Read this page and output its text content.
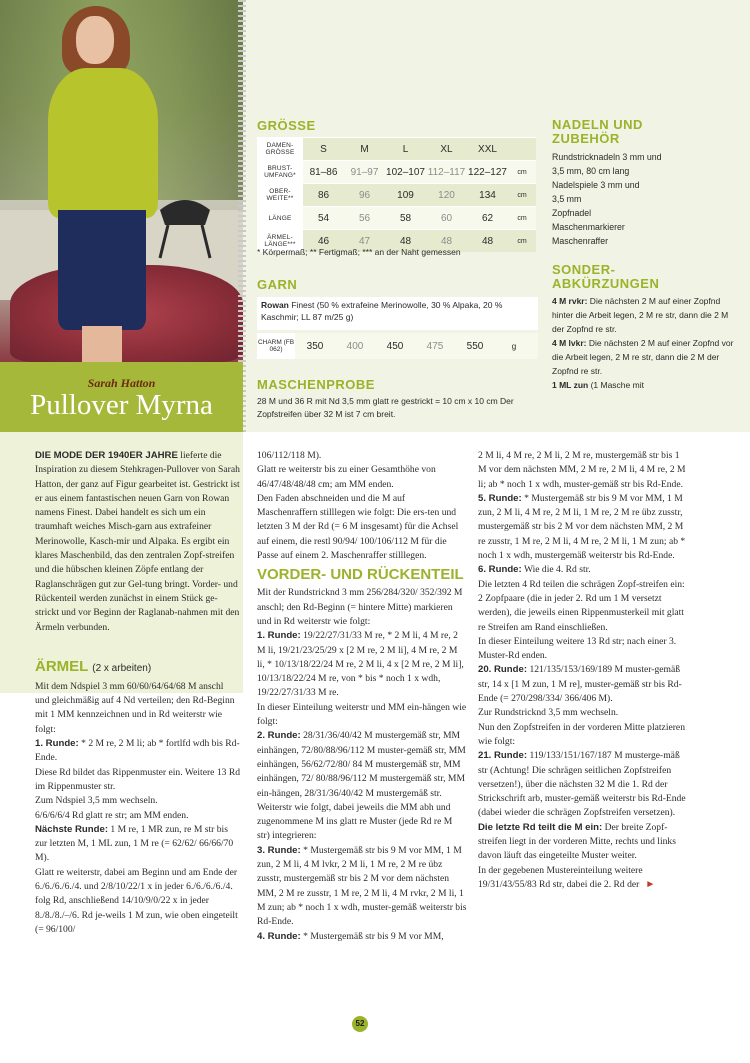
Sarah Hatton
Pullover Myrna
GRÖSSE
DAMEN-GRÖSSE	S	M	L	XL	XXL	
BRUST-UMFANG*	81–86	91–97	102–107	112–117	122–127	cm
OBER-WEITE**	86	96	109	120	134	cm
LÄNGE	54	56	58	60	62	cm
ÄRMEL-LÄNGE***	46	47	48	48	48	cm
* Körpermaß; ** Fertigmaß; *** an der Naht gemessen
GARN
Rowan Finest (50 % extrafeine Merinowolle, 30 % Alpaka, 20 % Kaschmir; LL 87 m/25 g)
CHARM (FB 062)	350	400	450	475	550	g
MASCHENPROBE
28 M und 36 R mit Nd 3,5 mm glatt re gestrickt = 10 cm x 10 cm Der Zopfstreifen über 32 M ist 7 cm breit.
NADELN UND
ZUBEHÖR
Rundstricknadeln 3 mm und
3,5 mm, 80 cm lang
Nadelspiele 3 mm und
3,5 mm
Zopfnadel
Maschenmarkierer
Maschenraffer
SONDER-
ABKÜRZUNGEN
4 M rvkr: Die nächsten 2 M auf einer Zopfnd hinter die Arbeit legen, 2 M re str, dann die 2 M der Zopfnd re str.
4 M lvkr: Die nächsten 2 M auf einer Zopfnd vor die Arbeit legen, 2 M re str, dann die 2 M der Zopfnd re str.
1 ML zun (1 Masche mit

DIE MODE DER 1940ER JAHRE lieferte die Inspiration zu diesem Stehkragen-Pullover von Sarah Hatton, der ganz auf Figur gearbeitet ist. Gestrickt ist er aus einem fantastischen neuen Garn von Rowan namens Finest. Dabei handelt es sich um ein traumhaft weiches Misch-garn aus extrafeiner Merinowolle, Kasch-mir und Alpaka. Es ergibt ein klares Maschenbild, das den zentralen Zopf-streifen und die hübschen kleinen Zöpfe entlang der Raglanschrägen gut zur Gel-tung bringt. Vorder- und Rückenteil werden zunächst in einem Stück ge-strickt und vor Beginn der Raglanab-nahmen mit den Ärmeln verbunden.

ÄRMEL (2 x arbeiten)

Mit dem Ndspiel 3 mm 60/60/64/64/68 M anschl und gleichmäßig auf 4 Nd verteilen; den Rd-Beginn mit 1 MM kennzeichnen und in Rd weiterstr wie folgt:

1. Runde: * 2 M re, 2 M li; ab * fortlfd wdh bis Rd-Ende.

Diese Rd bildet das Rippenmuster ein. Weitere 13 Rd im Rippenmuster str.

Zum Ndspiel 3,5 mm wechseln.

6/6/6/6/4 Rd glatt re str; am MM enden.

Nächste Runde: 1 M re, 1 MR zun, re M str bis zur letzten M, 1 ML zun, 1 M re (= 62/62/ 66/66/70 M).

Glatt re weiterstr, dabei am Beginn und am Ende der 6./6./6./6./4. und 2/8/10/22/1 x in jeder 6./6./6./6./4. folg Rd, anschließend 14/10/9/0/22 x in jeder 8./8./8./–/6. Rd je-weils 1 M zun, wie oben eingeteilt (= 96/100/

106/112/118 M).

Glatt re weiterstr bis zu einer Gesamthöhe von 46/47/48/48/48 cm; am MM enden.

Den Faden abschneiden und die M auf Maschenraffern stilllegen wie folgt: Die ers-ten und letzten 3 M der Rd (= 6 M insgesamt) für die Achsel auf einem, die restl 90/94/ 100/106/112 M für die Passe auf einem 2. Maschenraffer stilllegen.

VORDER- UND RÜCKENTEIL

Mit der Rundstricknd 3 mm 256/284/320/ 352/392 M anschl; den Rd-Beginn (= hintere Mitte) markieren und in Rd weiterstr wie folgt:

1. Runde: 19/22/27/31/33 M re, * 2 M li, 4 M re, 2 M li, 19/21/23/25/29 x [2 M re, 2 M li], 4 M re, 2 M li, * 10/13/18/22/24 M re, 2 M li, 4 x [2 M re, 2 M li], 10/13/18/22/24 M re, von * bis * noch 1 x wdh, 19/22/27/31/33 M re.

In dieser Einteilung weiterstr und MM ein-hängen wie folgt:

2. Runde: 28/31/36/40/42 M mustergemäß str, MM einhängen, 72/80/88/96/112 M muster-gemäß str, MM einhängen, 56/62/72/80/ 84 M mustergemäß str, MM einhängen, 72/ 80/88/96/112 M mustergemäß str, MM ein-hängen, 28/31/36/40/42 M mustergemäß str.

Weiterstr wie folgt, dabei jeweils die MM abh und zugenommene M ins glatt re Muster (jede Rd re M str) integrieren:

3. Runde: * Mustergemäß str bis 9 M vor MM, 1 M zun, 2 M li, 4 M lvkr, 2 M li, 1 M re, 2 M re übz zusstr, mustergemäß str bis 2 M vor dem nächsten MM, 2 M re zusstr, 1 M re, 2 M li, 4 M rvkr, 2 M li, 1 M zun; ab * noch 1 x wdh, muster-gemäß weiterstr bis Rd-Ende.

4. Runde: * Mustergemäß str bis 9 M vor MM,

2 M li, 4 M re, 2 M li, 2 M re, mustergemäß str bis 1 M vor dem nächsten MM, 2 M re, 2 M li, 4 M re, 2 M li; ab * noch 1 x wdh, muster-gemäß str bis Rd-Ende.

5. Runde: * Mustergemäß str bis 9 M vor MM, 1 M zun, 2 M li, 4 M re, 2 M li, 1 M re, 2 M re übz zusstr, mustergemäß str bis 2 M vor dem nächsten MM, 2 M re zusstr, 1 M re, 2 M li, 4 M re, 2 M li, 1 M zun; ab * noch 1 x wdh, mustergemäß weiterstr bis Rd-Ende.

6. Runde: Wie die 4. Rd str.

Die letzten 4 Rd teilen die schrägen Zopf-streifen ein: 2 Zopfpaare (die in jeder 2. Rd um 1 M versetzt werden), die jeweils einen Rippenmusterkeil mit glatt re Streifen am Rand einschließen.

In dieser Einteilung weitere 13 Rd str; nach einer 3. Muster-Rd enden.

20. Runde: 121/135/153/169/189 M muster-gemäß str, 14 x [1 M zun, 1 M re], muster-gemäß str bis Rd-Ende (= 270/298/334/ 366/406 M).

Zur Rundstricknd 3,5 mm wechseln.

Nun den Zopfstreifen in der vorderen Mitte platzieren wie folgt:

21. Runde: 119/133/151/167/187 M musterge-mäß str (Achtung! Die schrägen seitlichen Zopfstreifen versetzen!), über die nächsten 32 M die 1. Rd der Strickschrift arb, muster-gemäß weiterstr bis Rd-Ende (dabei wieder die schrägen Zopfstreifen versetzen).

Die letzte Rd teilt die M ein: Der breite Zopf-streifen liegt in der vorderen Mitte, rechts und links davon läuft das eingeteilte Muster weiter.

In der gegebenen Mustereinteilung weitere 19/31/43/55/83 Rd str, dabei die 2. Rd der ►

52
